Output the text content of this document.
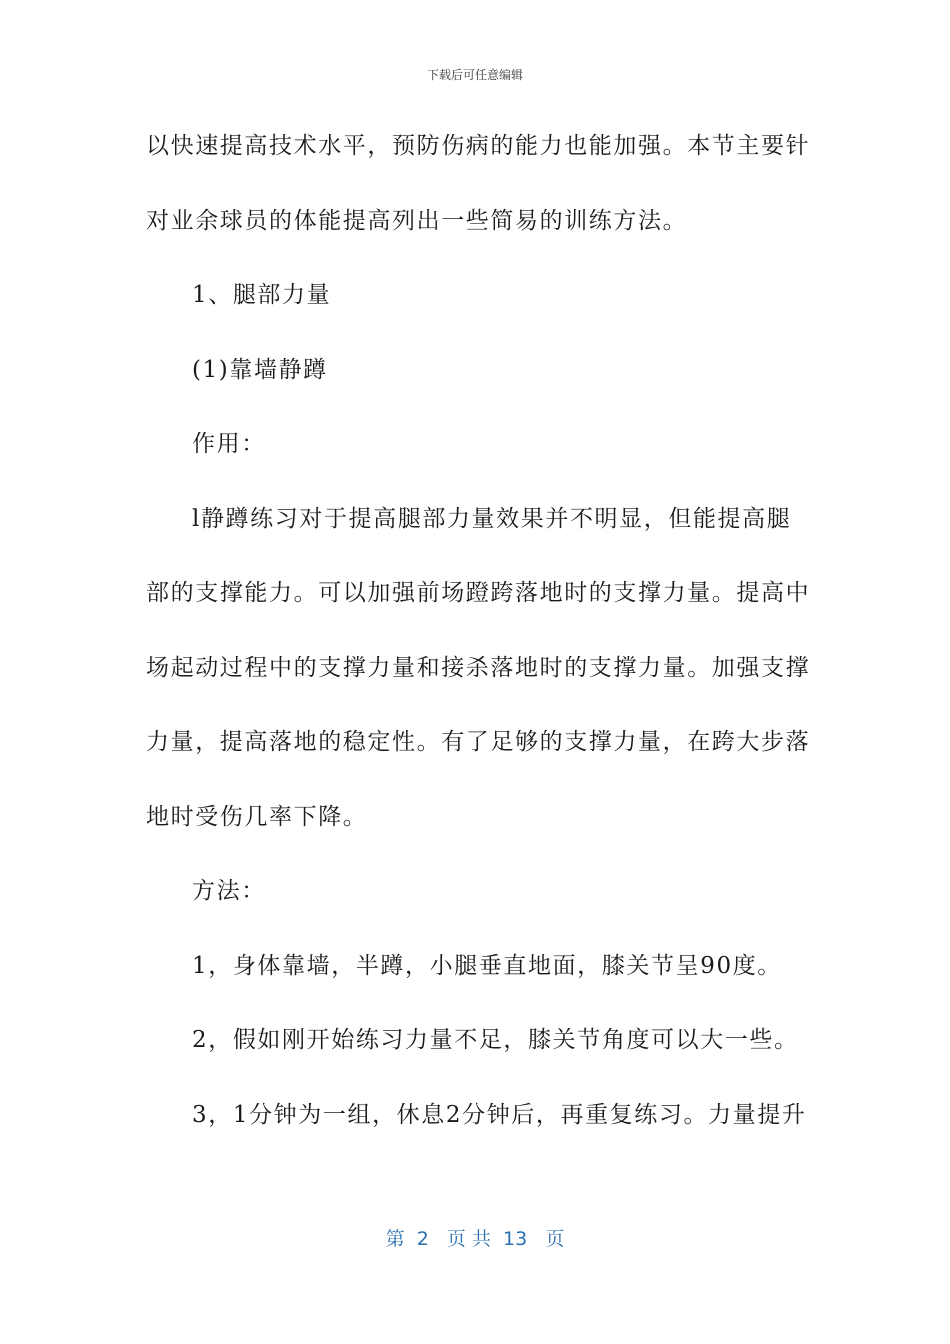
下载后可任意编辑
以快速提高技术水平，预防伤病的能力也能加强。本节主要针
对业余球员的体能提高列出一些简易的训练方法。
1、腿部力量
(1)靠墙静蹲
作用：
l静蹲练习对于提高腿部力量效果并不明显，但能提高腿
部的支撑能力。可以加强前场蹬跨落地时的支撑力量。提高中
场起动过程中的支撑力量和接杀落地时的支撑力量。加强支撑
力量，提高落地的稳定性。有了足够的支撑力量，在跨大步落
地时受伤几率下降。
方法：
1，身体靠墙，半蹲，小腿垂直地面，膝关节呈90度。
2，假如刚开始练习力量不足，膝关节角度可以大一些。
3，1分钟为一组，休息2分钟后，再重复练习。力量提升
第  2   页 共  13   页
